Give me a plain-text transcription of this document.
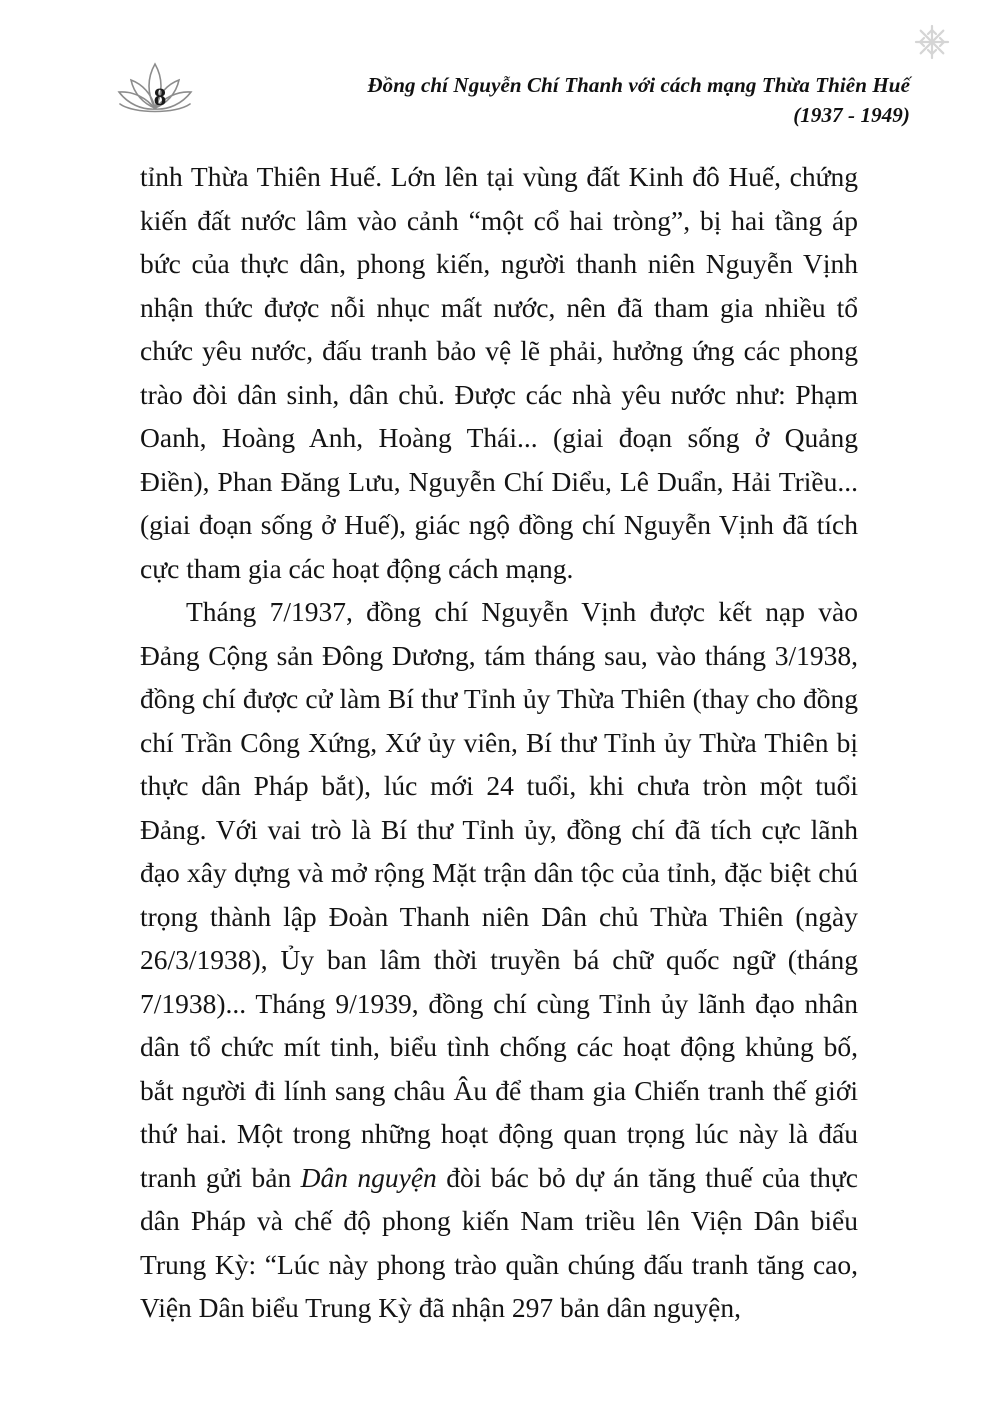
8	Đồng chí Nguyễn Chí Thanh với cách mạng Thừa Thiên Huế
(1937 - 1949)

tỉnh Thừa Thiên Huế. Lớn lên tại vùng đất Kinh đô Huế, chứng kiến đất nước lâm vào cảnh “một cổ hai tròng”, bị hai tầng áp bức của thực dân, phong kiến, người thanh niên Nguyễn Vịnh nhận thức được nỗi nhục mất nước, nên đã tham gia nhiều tổ chức yêu nước, đấu tranh bảo vệ lẽ phải, hưởng ứng các phong trào đòi dân sinh, dân chủ. Được các nhà yêu nước như: Phạm Oanh, Hoàng Anh, Hoàng Thái... (giai đoạn sống ở Quảng Điền), Phan Đăng Lưu, Nguyễn Chí Diểu, Lê Duẩn, Hải Triều... (giai đoạn sống ở Huế), giác ngộ đồng chí Nguyễn Vịnh đã tích cực tham gia các hoạt động cách mạng.

Tháng 7/1937, đồng chí Nguyễn Vịnh được kết nạp vào Đảng Cộng sản Đông Dương, tám tháng sau, vào tháng 3/1938, đồng chí được cử làm Bí thư Tỉnh ủy Thừa Thiên (thay cho đồng chí Trần Công Xứng, Xứ ủy viên, Bí thư Tỉnh ủy Thừa Thiên bị thực dân Pháp bắt), lúc mới 24 tuổi, khi chưa tròn một tuổi Đảng. Với vai trò là Bí thư Tỉnh ủy, đồng chí đã tích cực lãnh đạo xây dựng và mở rộng Mặt trận dân tộc của tỉnh, đặc biệt chú trọng thành lập Đoàn Thanh niên Dân chủ Thừa Thiên (ngày 26/3/1938), Ủy ban lâm thời truyền bá chữ quốc ngữ (tháng 7/1938)... Tháng 9/1939, đồng chí cùng Tỉnh ủy lãnh đạo nhân dân tổ chức mít tinh, biểu tình chống các hoạt động khủng bố, bắt người đi lính sang châu Âu để tham gia Chiến tranh thế giới thứ hai. Một trong những hoạt động quan trọng lúc này là đấu tranh gửi bản Dân nguyện đòi bác bỏ dự án tăng thuế của thực dân Pháp và chế độ phong kiến Nam triều lên Viện Dân biểu Trung Kỳ: “Lúc này phong trào quần chúng đấu tranh tăng cao, Viện Dân biểu Trung Kỳ đã nhận 297 bản dân nguyện,
